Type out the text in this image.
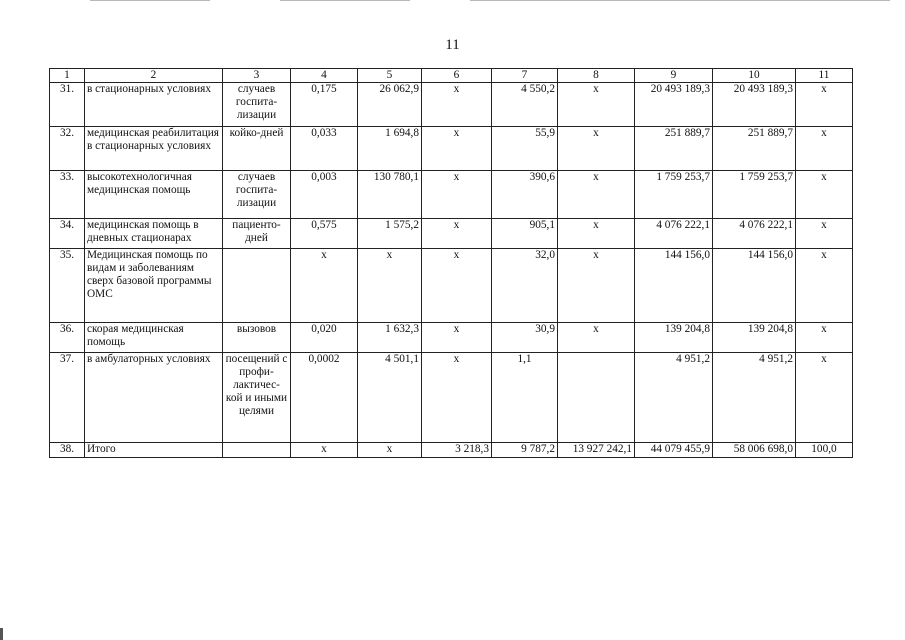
11
1	2	3	4	5	6	7	8	9	10	11
31.	в стационарных условиях	случаев госпита-лизации	0,175	26 062,9	x	4 550,2	x	20 493 189,3	20 493 189,3	x
32.	медицинская реабилитация в стационарных условиях	койко-дней	0,033	1 694,8	x	55,9	x	251 889,7	251 889,7	x
33.	высокотехнологичная медицинская помощь	случаев госпита-лизации	0,003	130 780,1	x	390,6	x	1 759 253,7	1 759 253,7	x
34.	медицинская помощь в дневных стационарах	пациенто-дней	0,575	1 575,2	x	905,1	x	4 076 222,1	4 076 222,1	x
35.	Медицинская помощь по видам и заболеваниям сверх базовой программы ОМС		x	x	x	32,0	x	144 156,0	144 156,0	x
36.	скорая медицинская помощь	вызовов	0,020	1 632,3	x	30,9	x	139 204,8	139 204,8	x
37.	в амбулаторных условиях	посещений с профи-лактичес-кой и иными целями	0,0002	4 501,1	x	1,1		4 951,2	4 951,2	x
38.	Итого		x	x	3 218,3	9 787,2	13 927 242,1	44 079 455,9	58 006 698,0	100,0
